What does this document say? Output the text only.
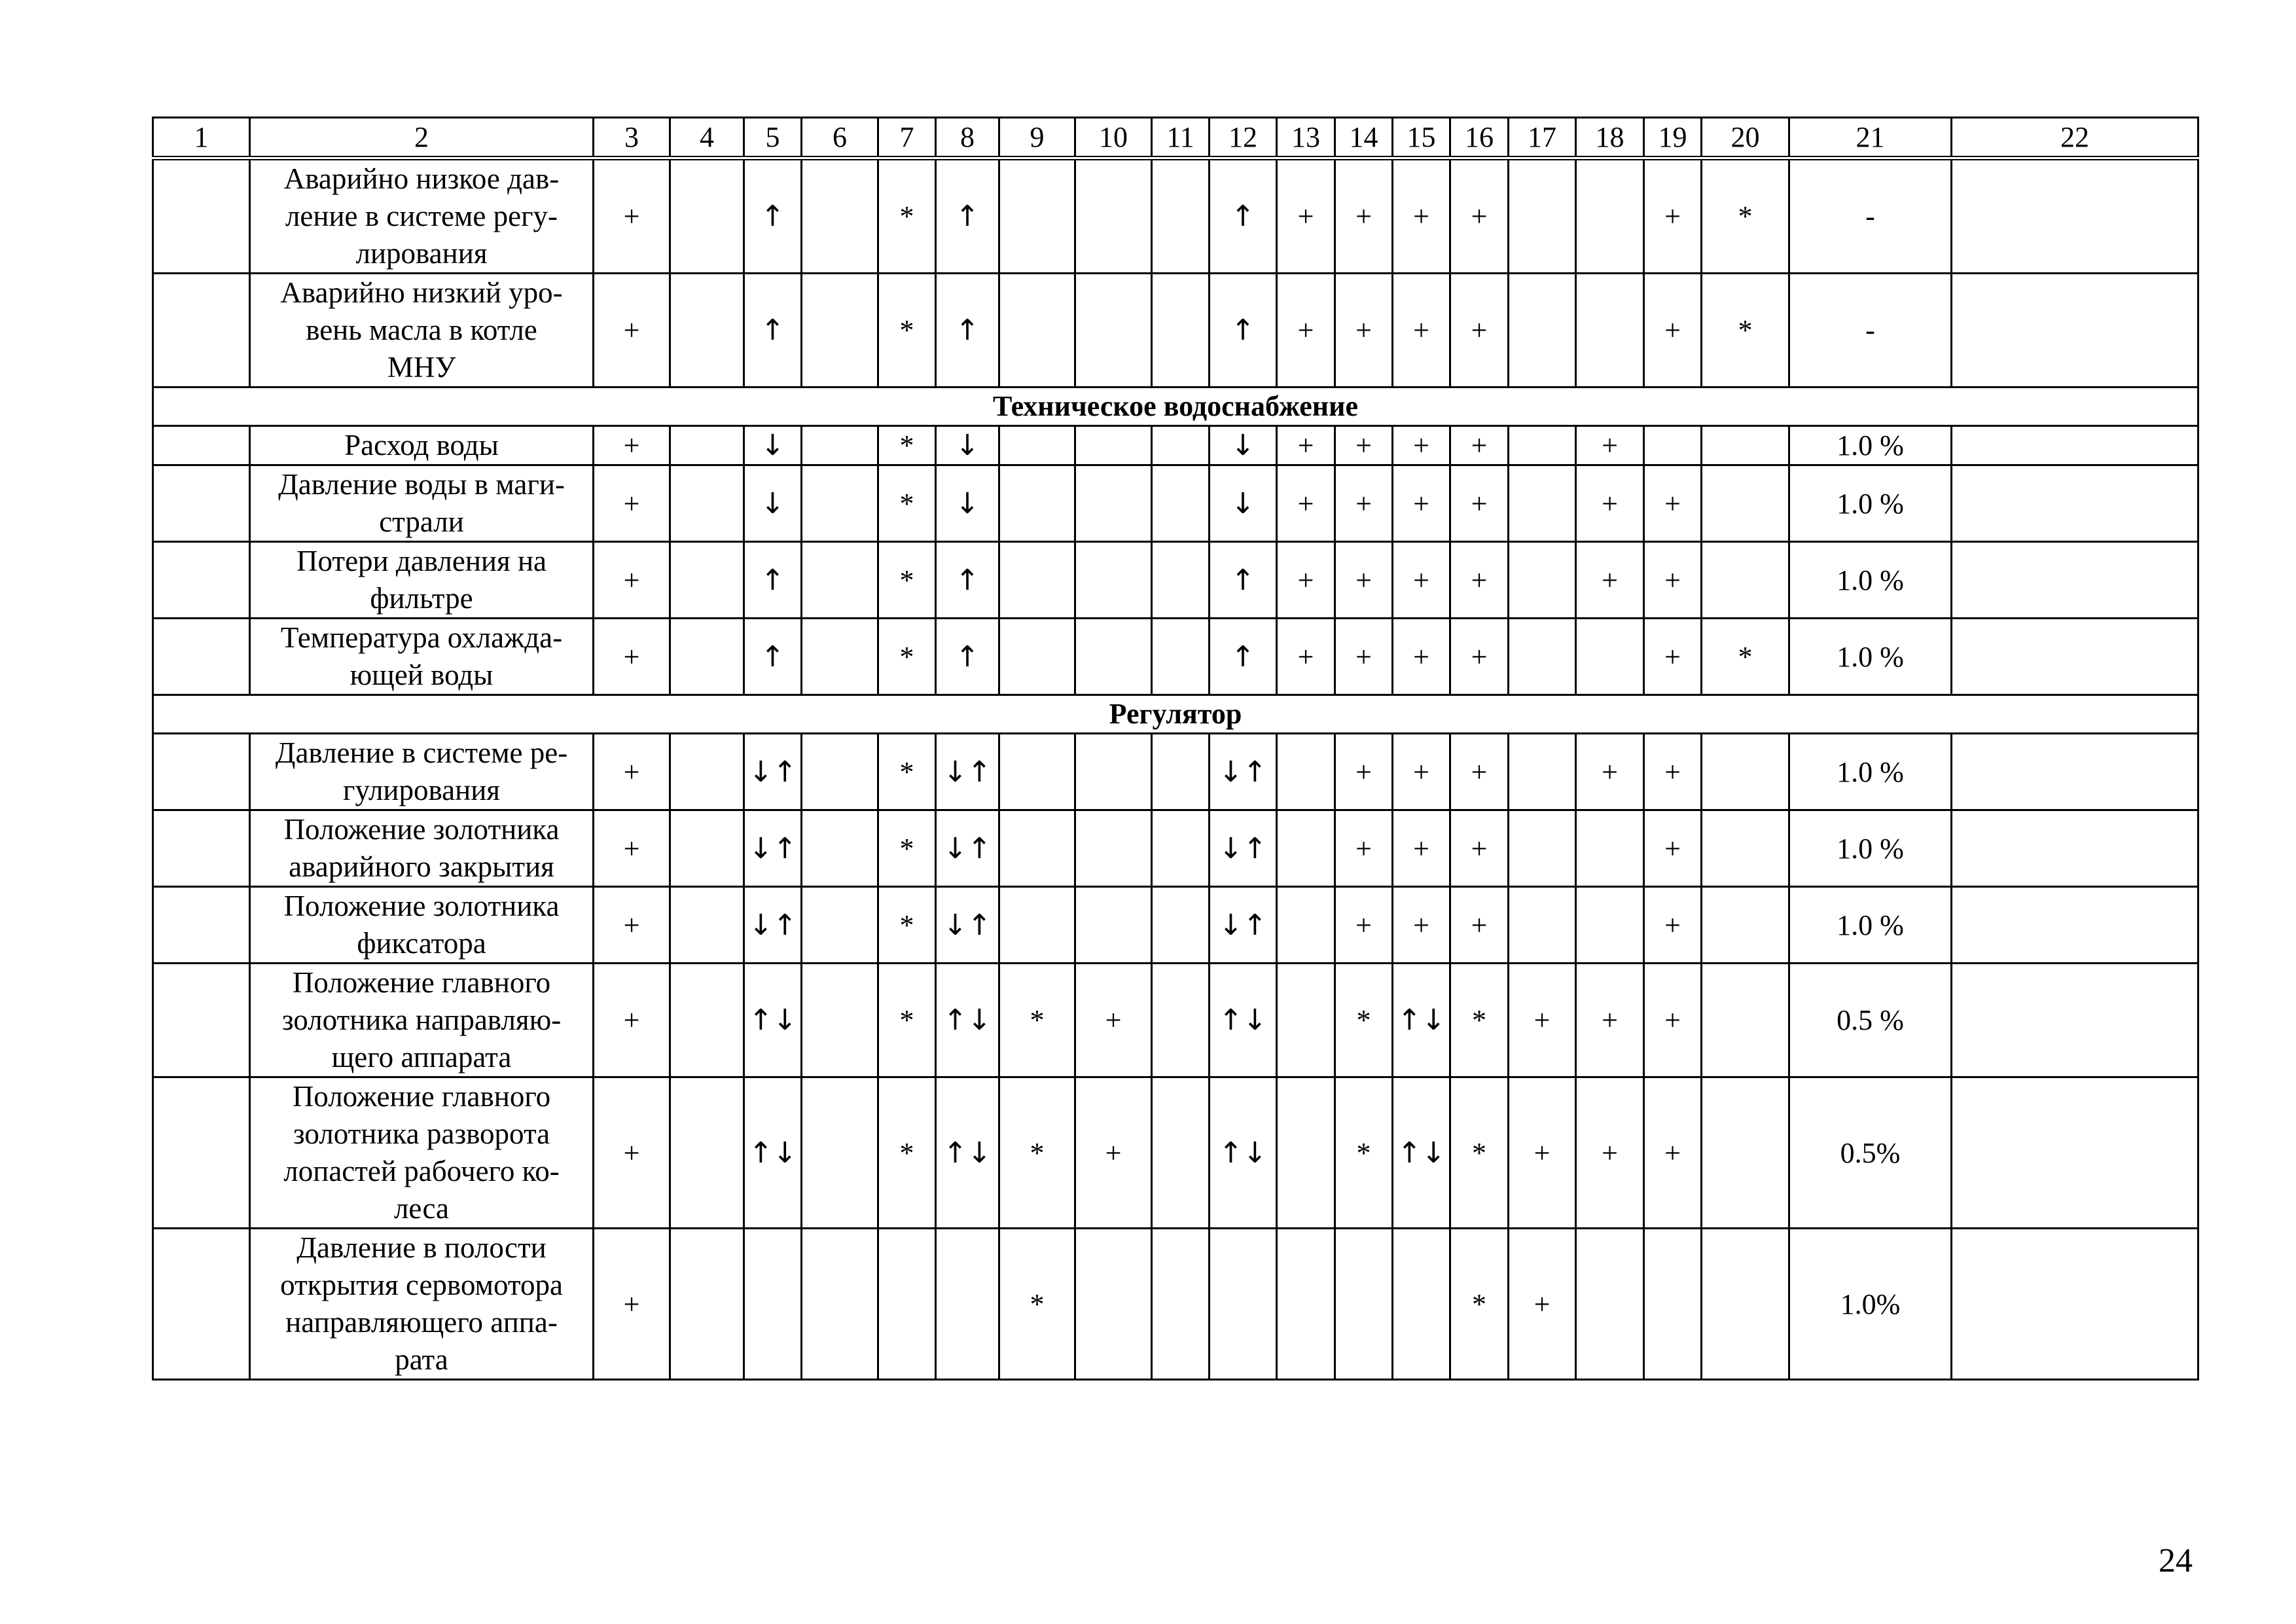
1	2	3	4	5	6	7	8	9	10	11	12	13	14	15	16	17	18	19	20	21	22
	Аварийно низкое дав-
ление в системе регу-
лирования	+		↑		*	↑				↑	+	+	+	+			+	*	-	
	Аварийно низкий уро-
вень масла в котле
МНУ	+		↑		*	↑				↑	+	+	+	+			+	*	-	
Техническое водоснабжение																					
	Расход воды	+		↓		*	↓				↓	+	+	+	+		+			1.0 %	
	Давление воды в маги-
страли	+		↓		*	↓				↓	+	+	+	+		+	+		1.0 %	
	Потери давления на
фильтре	+		↑		*	↑				↑	+	+	+	+		+	+		1.0 %	
	Температура охлажда-
ющей воды	+		↑		*	↑				↑	+	+	+	+			+	*	1.0 %	
Регулятор																					
	Давление в системе ре-
гулирования	+		↓↑		*	↓↑				↓↑		+	+	+		+	+		1.0 %	
	Положение золотника
аварийного закрытия	+		↓↑		*	↓↑				↓↑		+	+	+			+		1.0 %	
	Положение золотника
фиксатора	+		↓↑		*	↓↑				↓↑		+	+	+			+		1.0 %	
	Положение главного
золотника направляю-
щего аппарата	+		↑↓		*	↑↓	*	+		↑↓		*	↑↓	*	+	+	+		0.5 %	
	Положение главного
золотника разворота
лопастей рабочего ко-
леса	+		↑↓		*	↑↓	*	+		↑↓		*	↑↓	*	+	+	+		0.5%	
	Давление в полости
открытия сервомотора
направляющего аппа-
рата	+						*							*	+				1.0%	
24
